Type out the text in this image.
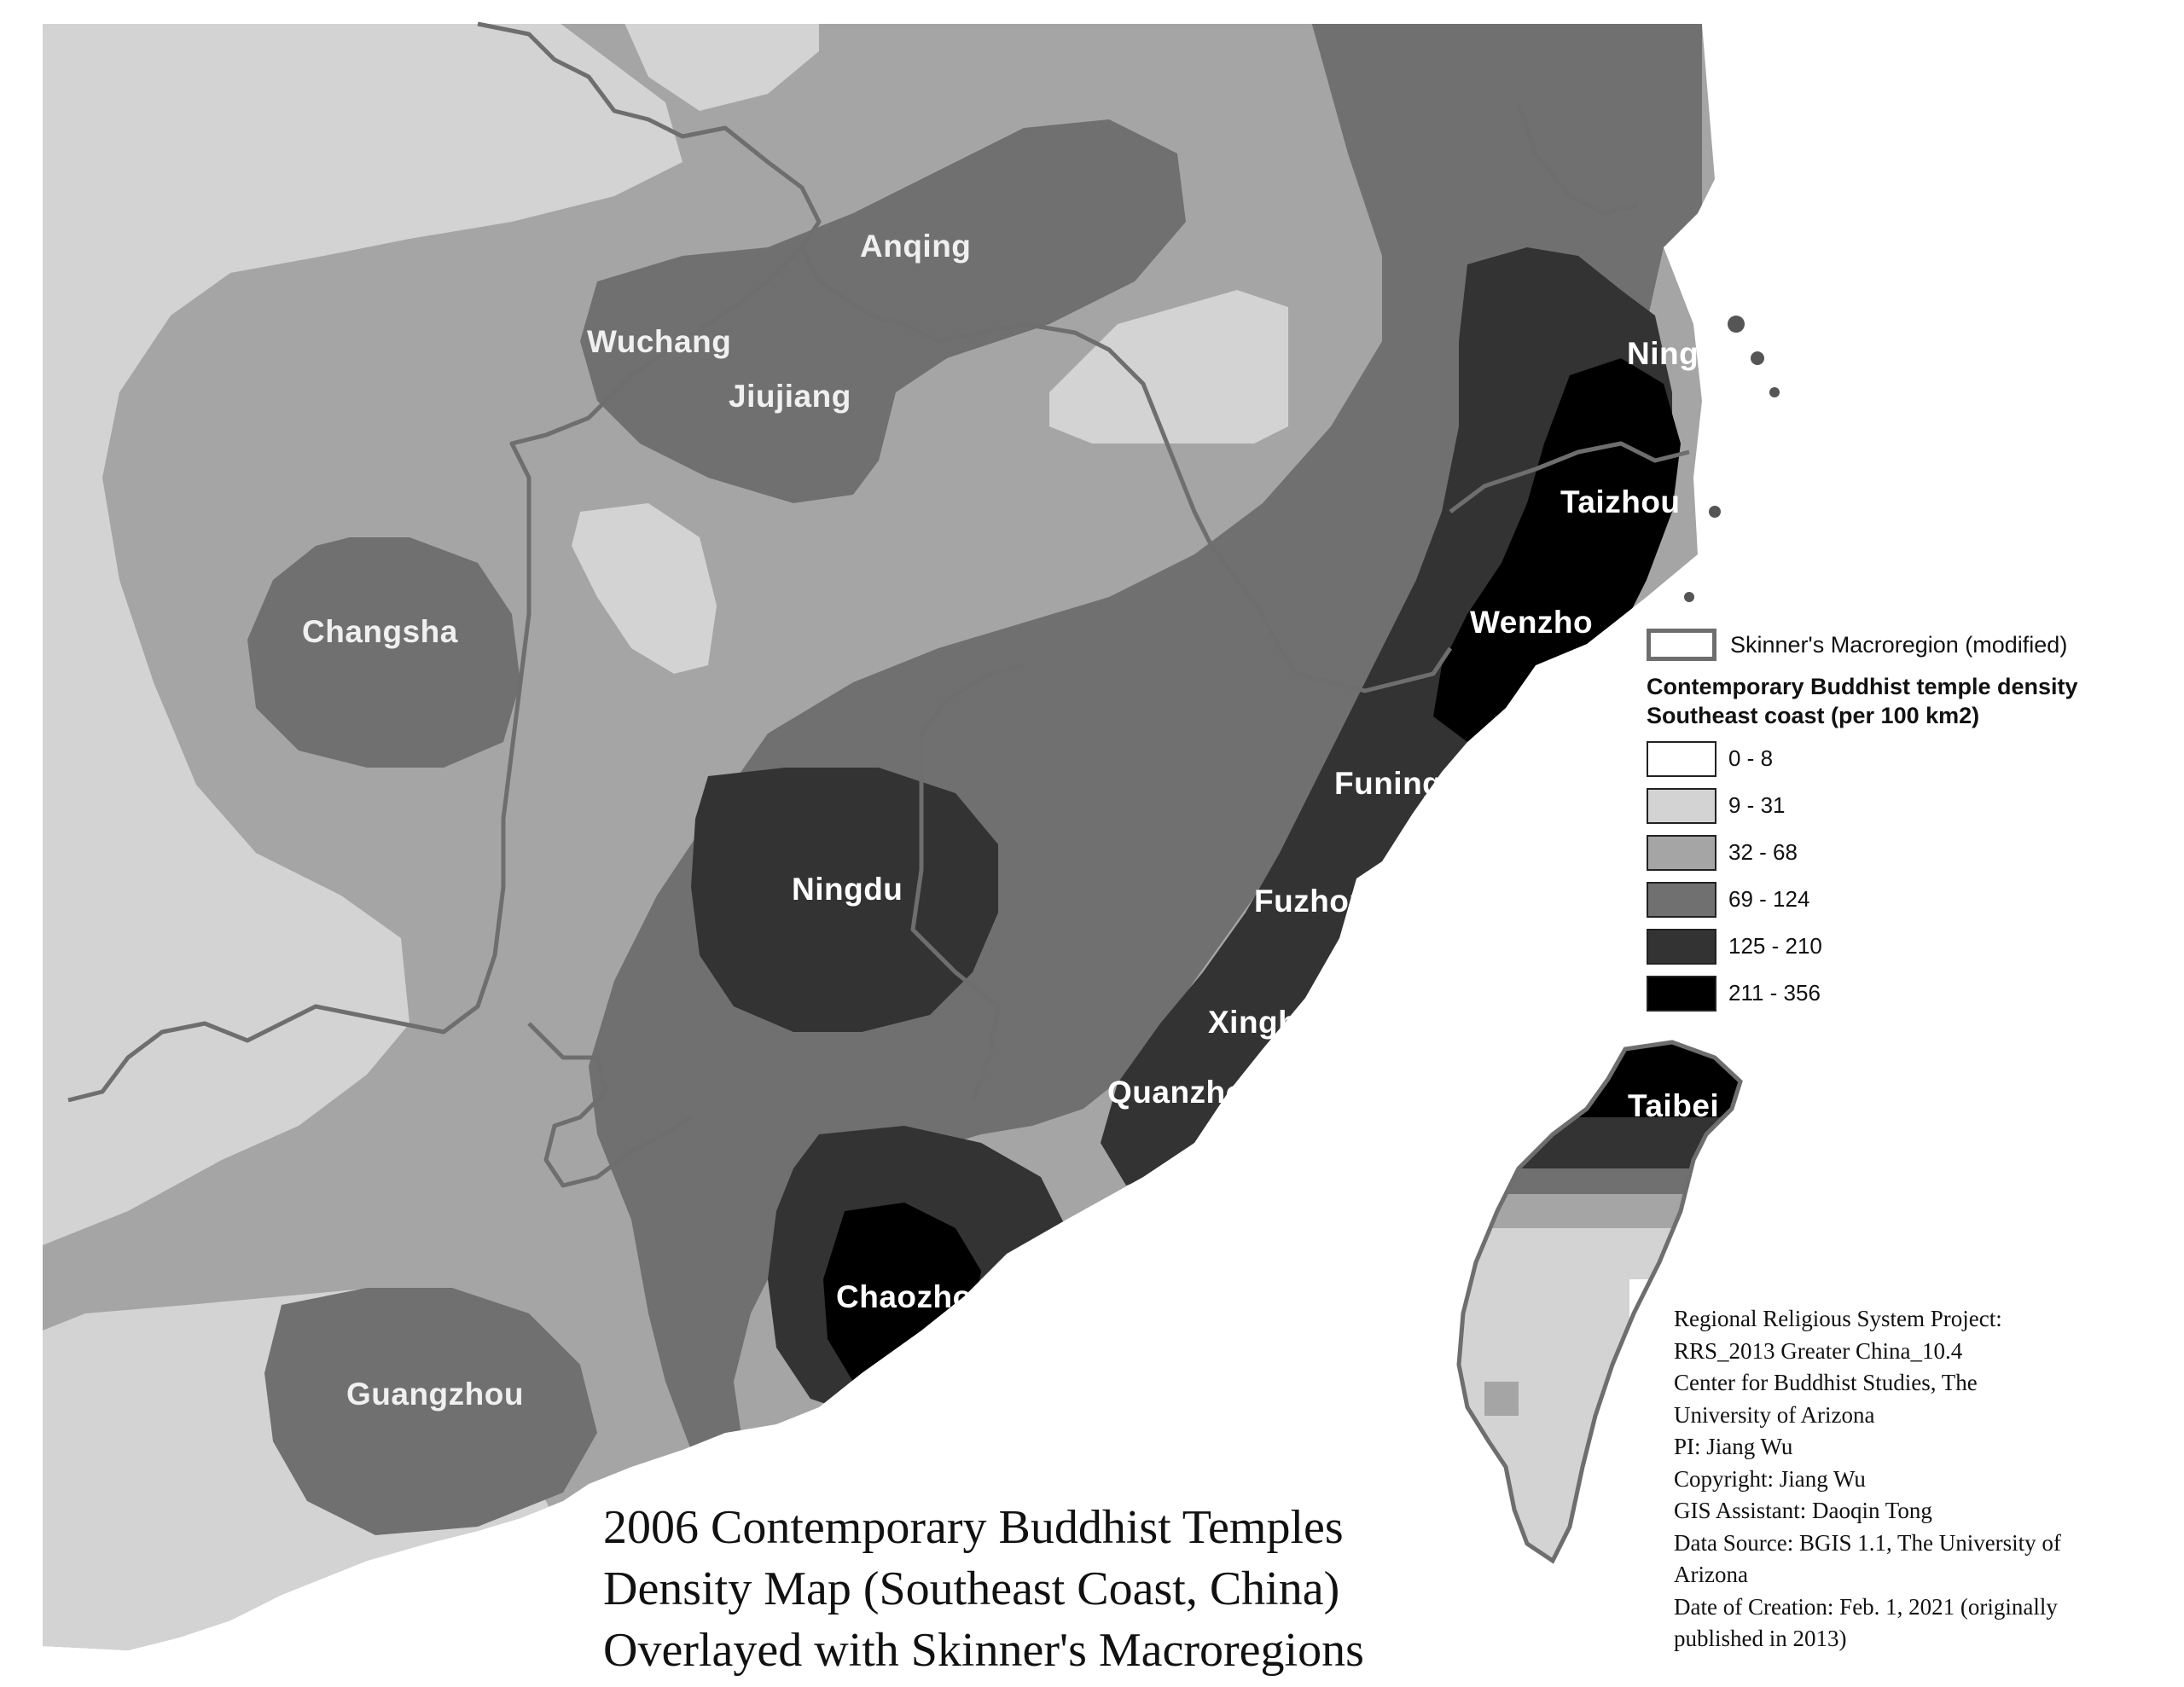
Anqing
Wuchang
Jiujiang
Changsha
Ningbo
Taizhou
Wenzho
Funing
Ningdu	Fuzhou
Xinghu
Quanzhou	Taibei
Chaozhou
Guangzhou
Skinner's Macroregion (modified)
Contemporary Buddhist temple density
Southeast coast (per 100 km2)
0 - 8
9 - 31
32 - 68
69 - 124
125 - 210
211 - 356
Regional Religious System Project:
RRS_2013 Greater China_10.4
Center for Buddhist Studies, The
University of Arizona
PI: Jiang Wu
Copyright: Jiang Wu
GIS Assistant: Daoqin Tong
Data Source: BGIS 1.1, The University of
Arizona
Date of Creation: Feb. 1, 2021 (originally
published in 2013)
2006 Contemporary Buddhist Temples
Density Map (Southeast Coast, China)
Overlayed with Skinner's Macroregions
